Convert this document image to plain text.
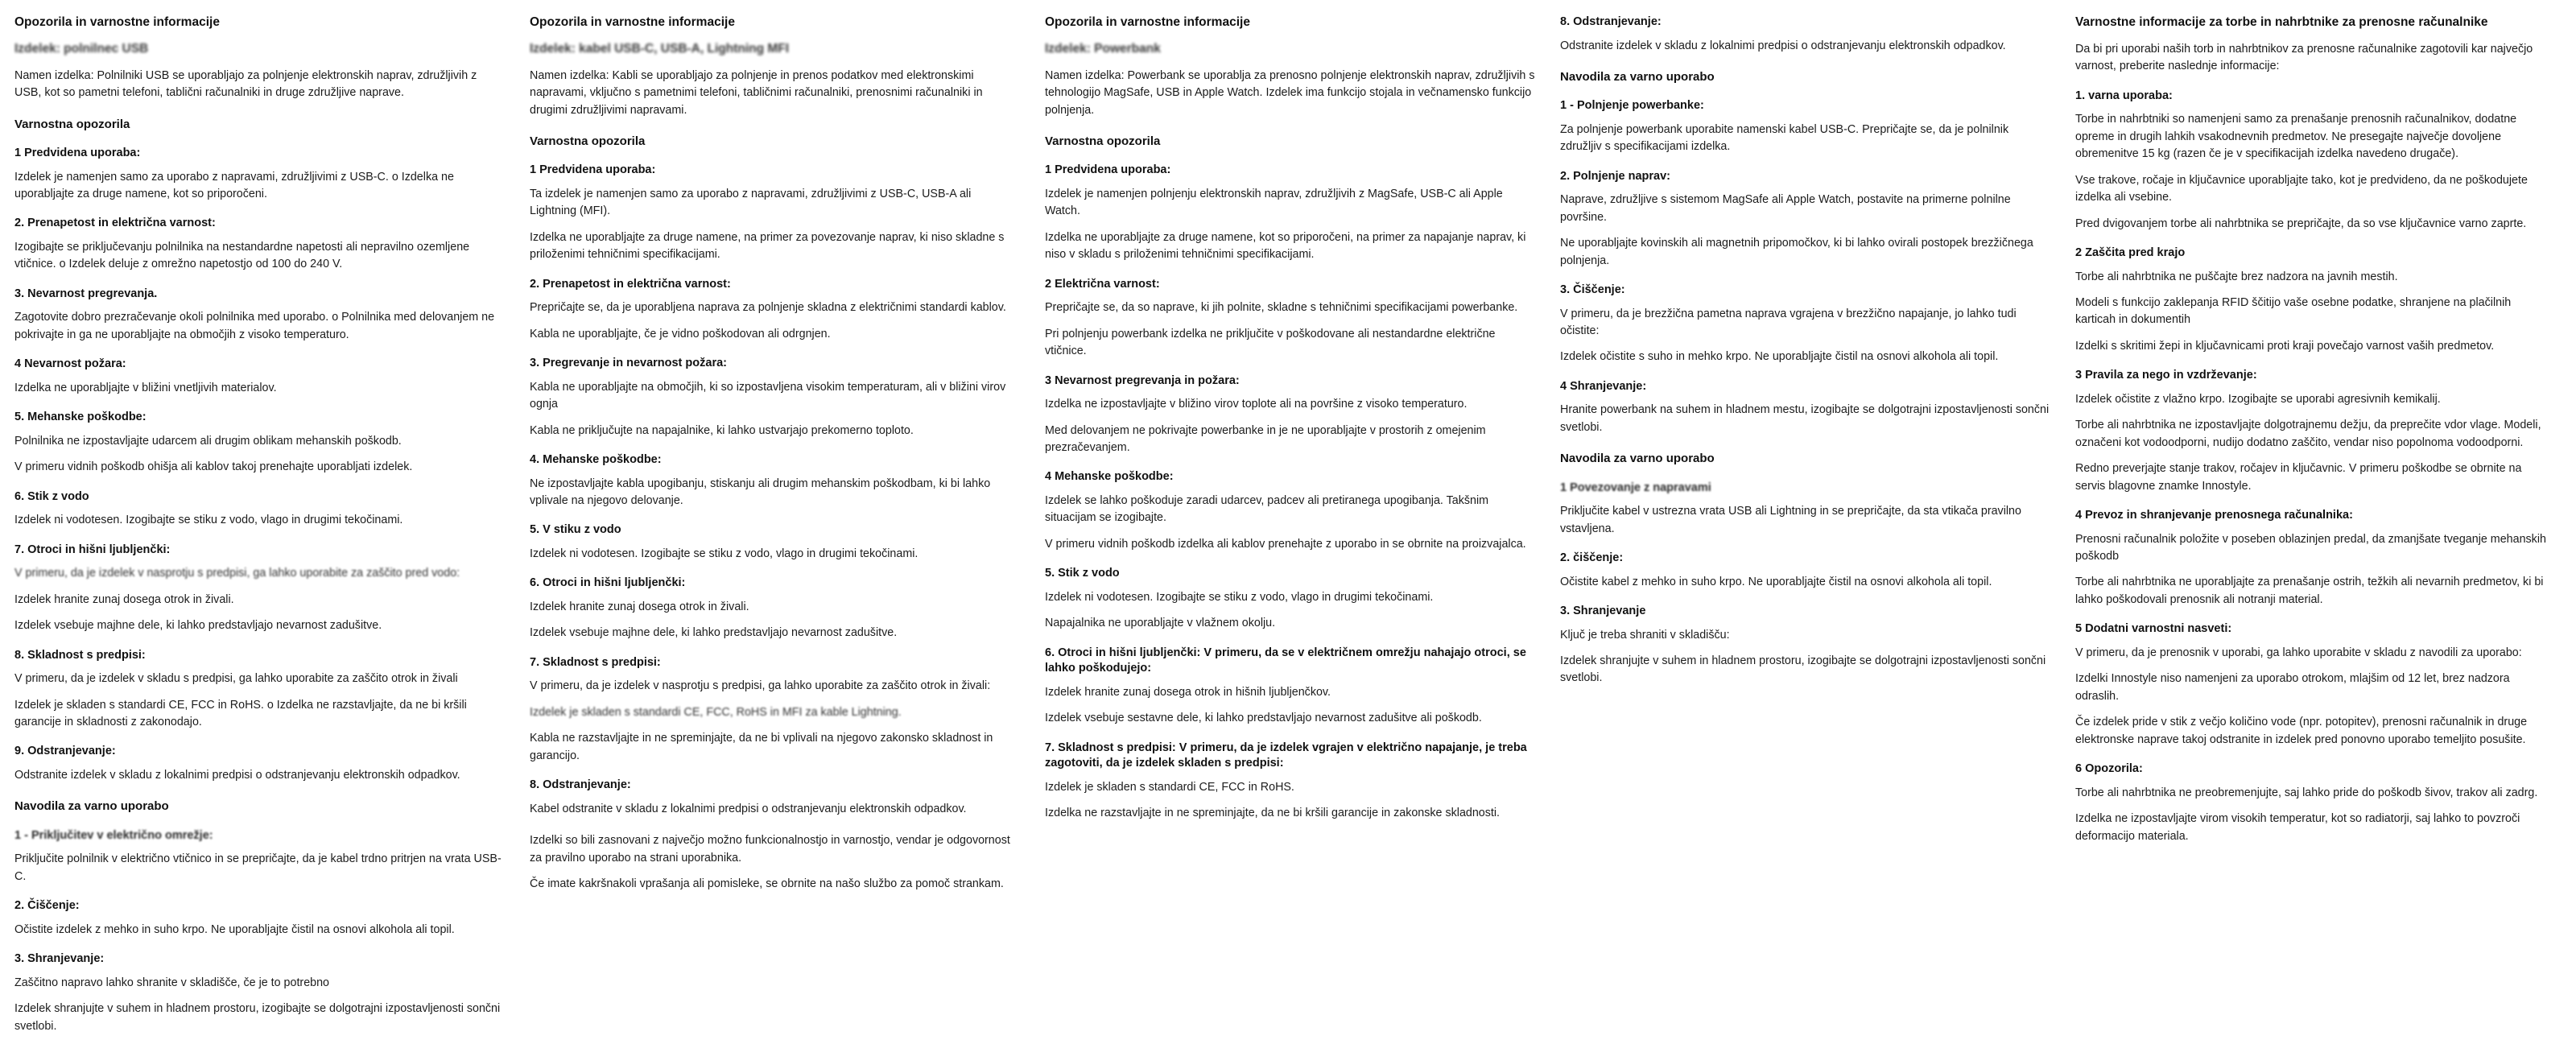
Opozorila in varnostne informacije
Izdelek: polnilnec USB

Namen izdelka: Polnilniki USB se uporabljajo za polnjenje elektronskih naprav, združljivih z USB, kot so pametni telefoni, tablični računalniki in druge združljive naprave.

Varnostna opozorila
1 Predvidena uporaba:

Izdelek je namenjen samo za uporabo z napravami, združljivimi z USB-C. o Izdelka ne uporabljajte za druge namene, kot so priporočeni.

2. Prenapetost in električna varnost:

Izogibajte se priključevanju polnilnika na nestandardne napetosti ali nepravilno ozemljene vtičnice. o Izdelek deluje z omrežno napetostjo od 100 do 240 V.

3. Nevarnost pregrevanja.

Zagotovite dobro prezračevanje okoli polnilnika med uporabo. o Polnilnika med delovanjem ne pokrivajte in ga ne uporabljajte na območjih z visoko temperaturo.

4 Nevarnost požara:

Izdelka ne uporabljajte v bližini vnetljivih materialov.

5. Mehanske poškodbe:

Polnilnika ne izpostavljajte udarcem ali drugim oblikam mehanskih poškodb.

V primeru vidnih poškodb ohišja ali kablov takoj prenehajte uporabljati izdelek.

6. Stik z vodo

Izdelek ni vodotesen. Izogibajte se stiku z vodo, vlago in drugimi tekočinami.

7. Otroci in hišni ljubljenčki:

V primeru, da je izdelek v nasprotju s predpisi, ga lahko uporabite za zaščito pred vodo:

Izdelek hranite zunaj dosega otrok in živali.

Izdelek vsebuje majhne dele, ki lahko predstavljajo nevarnost zadušitve.

8. Skladnost s predpisi:

V primeru, da je izdelek v skladu s predpisi, ga lahko uporabite za zaščito otrok in živali

Izdelek je skladen s standardi CE, FCC in RoHS. o Izdelka ne razstavljajte, da ne bi kršili garancije in skladnosti z zakonodajo.

9. Odstranjevanje:

Odstranite izdelek v skladu z lokalnimi predpisi o odstranjevanju elektronskih odpadkov.

Navodila za varno uporabo
1 - Priključitev v električno omrežje:

Priključite polnilnik v električno vtičnico in se prepričajte, da je kabel trdno pritrjen na vrata USB-C.

2. Čiščenje:

Očistite izdelek z mehko in suho krpo. Ne uporabljajte čistil na osnovi alkohola ali topil.

3. Shranjevanje:

Zaščitno napravo lahko shranite v skladišče, če je to potrebno

Izdelek shranjujte v suhem in hladnem prostoru, izogibajte se dolgotrajni izpostavljenosti sončni svetlobi.

Opozorila in varnostne informacije
Izdelek: kabel USB-C, USB-A, Lightning MFI

Namen izdelka: Kabli se uporabljajo za polnjenje in prenos podatkov med elektronskimi napravami, vključno s pametnimi telefoni, tabličnimi računalniki, prenosnimi računalniki in drugimi združljivimi napravami.

Varnostna opozorila
1 Predvidena uporaba:

Ta izdelek je namenjen samo za uporabo z napravami, združljivimi z USB-C, USB-A ali Lightning (MFI).

Izdelka ne uporabljajte za druge namene, na primer za povezovanje naprav, ki niso skladne s priloženimi tehničnimi specifikacijami.

2. Prenapetost in električna varnost:

Prepričajte se, da je uporabljena naprava za polnjenje skladna z električnimi standardi kablov.

Kabla ne uporabljajte, če je vidno poškodovan ali odrgnjen.

3. Pregrevanje in nevarnost požara:

Kabla ne uporabljajte na območjih, ki so izpostavljena visokim temperaturam, ali v bližini virov ognja

Kabla ne priključujte na napajalnike, ki lahko ustvarjajo prekomerno toploto.

4. Mehanske poškodbe:

Ne izpostavljajte kabla upogibanju, stiskanju ali drugim mehanskim poškodbam, ki bi lahko vplivale na njegovo delovanje.

5. V stiku z vodo

Izdelek ni vodotesen. Izogibajte se stiku z vodo, vlago in drugimi tekočinami.

6. Otroci in hišni ljubljenčki:

Izdelek hranite zunaj dosega otrok in živali.

Izdelek vsebuje majhne dele, ki lahko predstavljajo nevarnost zadušitve.

7. Skladnost s predpisi:

V primeru, da je izdelek v nasprotju s predpisi, ga lahko uporabite za zaščito otrok in živali:

Izdelek je skladen s standardi CE, FCC, RoHS in MFI za kable Lightning.

Kabla ne razstavljajte in ne spreminjajte, da ne bi vplivali na njegovo zakonsko skladnost in garancijo.

8. Odstranjevanje:

Kabel odstranite v skladu z lokalnimi predpisi o odstranjevanju elektronskih odpadkov.

Izdelki so bili zasnovani z največjo možno funkcionalnostjo in varnostjo, vendar je odgovornost za pravilno uporabo na strani uporabnika.

Če imate kakršnakoli vprašanja ali pomisleke, se obrnite na našo službo za pomoč strankam.

Opozorila in varnostne informacije
Izdelek: Powerbank

Namen izdelka: Powerbank se uporablja za prenosno polnjenje elektronskih naprav, združljivih s tehnologijo MagSafe, USB in Apple Watch. Izdelek ima funkcijo stojala in večnamensko funkcijo polnjenja.

Varnostna opozorila
1 Predvidena uporaba:

Izdelek je namenjen polnjenju elektronskih naprav, združljivih z MagSafe, USB-C ali Apple Watch.

Izdelka ne uporabljajte za druge namene, kot so priporočeni, na primer za napajanje naprav, ki niso v skladu s priloženimi tehničnimi specifikacijami.

2 Električna varnost:

Prepričajte se, da so naprave, ki jih polnite, skladne s tehničnimi specifikacijami powerbanke.

Pri polnjenju powerbank izdelka ne priključite v poškodovane ali nestandardne električne vtičnice.

3 Nevarnost pregrevanja in požara:

Izdelka ne izpostavljajte v bližino virov toplote ali na površine z visoko temperaturo.

Med delovanjem ne pokrivajte powerbanke in je ne uporabljajte v prostorih z omejenim prezračevanjem.

4 Mehanske poškodbe:

Izdelek se lahko poškoduje zaradi udarcev, padcev ali pretiranega upogibanja. Takšnim situacijam se izogibajte.

V primeru vidnih poškodb izdelka ali kablov prenehajte z uporabo in se obrnite na proizvajalca.

5. Stik z vodo

Izdelek ni vodotesen. Izogibajte se stiku z vodo, vlago in drugimi tekočinami.

Napajalnika ne uporabljajte v vlažnem okolju.

6. Otroci in hišni ljubljenčki: V primeru, da se v električnem omrežju nahajajo otroci, se lahko poškodujejo:

Izdelek hranite zunaj dosega otrok in hišnih ljubljenčkov.

Izdelek vsebuje sestavne dele, ki lahko predstavljajo nevarnost zadušitve ali poškodb.

7. Skladnost s predpisi: V primeru, da je izdelek vgrajen v električno napajanje, je treba zagotoviti, da je izdelek skladen s predpisi:

Izdelek je skladen s standardi CE, FCC in RoHS.

Izdelka ne razstavljajte in ne spreminjajte, da ne bi kršili garancije in zakonske skladnosti.

8. Odstranjevanje:

Odstranite izdelek v skladu z lokalnimi predpisi o odstranjevanju elektronskih odpadkov.

Navodila za varno uporabo
1 - Polnjenje powerbanke:

Za polnjenje powerbank uporabite namenski kabel USB-C. Prepričajte se, da je polnilnik združljiv s specifikacijami izdelka.

2. Polnjenje naprav:

Naprave, združljive s sistemom MagSafe ali Apple Watch, postavite na primerne polnilne površine.

Ne uporabljajte kovinskih ali magnetnih pripomočkov, ki bi lahko ovirali postopek brezžičnega polnjenja.

3. Čiščenje:

V primeru, da je brezžična pametna naprava vgrajena v brezžično napajanje, jo lahko tudi očistite:

Izdelek očistite s suho in mehko krpo. Ne uporabljajte čistil na osnovi alkohola ali topil.

4 Shranjevanje:

Hranite powerbank na suhem in hladnem mestu, izogibajte se dolgotrajni izpostavljenosti sončni svetlobi.

Navodila za varno uporabo
1 Povezovanje z napravami

Priključite kabel v ustrezna vrata USB ali Lightning in se prepričajte, da sta vtikača pravilno vstavljena.

2. čiščenje:

Očistite kabel z mehko in suho krpo. Ne uporabljajte čistil na osnovi alkohola ali topil.

3. Shranjevanje

Ključ je treba shraniti v skladišču:

Izdelek shranjujte v suhem in hladnem prostoru, izogibajte se dolgotrajni izpostavljenosti sončni svetlobi.

Varnostne informacije za torbe in nahrbtnike za prenosne računalnike

Da bi pri uporabi naših torb in nahrbtnikov za prenosne računalnike zagotovili kar največjo varnost, preberite naslednje informacije:

1. varna uporaba:

Torbe in nahrbtniki so namenjeni samo za prenašanje prenosnih računalnikov, dodatne opreme in drugih lahkih vsakodnevnih predmetov. Ne presegajte največje dovoljene obremenitve 15 kg (razen če je v specifikacijah izdelka navedeno drugače).

Vse trakove, ročaje in ključavnice uporabljajte tako, kot je predvideno, da ne poškodujete izdelka ali vsebine.

Pred dvigovanjem torbe ali nahrbtnika se prepričajte, da so vse ključavnice varno zaprte.

2 Zaščita pred krajo

Torbe ali nahrbtnika ne puščajte brez nadzora na javnih mestih.

Modeli s funkcijo zaklepanja RFID ščitijo vaše osebne podatke, shranjene na plačilnih karticah in dokumentih

Izdelki s skritimi žepi in ključavnicami proti kraji povečajo varnost vaših predmetov.

3 Pravila za nego in vzdrževanje:

Izdelek očistite z vlažno krpo. Izogibajte se uporabi agresivnih kemikalij.

Torbe ali nahrbtnika ne izpostavljajte dolgotrajnemu dežju, da preprečite vdor vlage. Modeli, označeni kot vodoodporni, nudijo dodatno zaščito, vendar niso popolnoma vodoodporni.

Redno preverjajte stanje trakov, ročajev in ključavnic. V primeru poškodbe se obrnite na servis blagovne znamke Innostyle.

4 Prevoz in shranjevanje prenosnega računalnika:

Prenosni računalnik položite v poseben oblazinjen predal, da zmanjšate tveganje mehanskih poškodb

Torbe ali nahrbtnika ne uporabljajte za prenašanje ostrih, težkih ali nevarnih predmetov, ki bi lahko poškodovali prenosnik ali notranji material.

5 Dodatni varnostni nasveti:

V primeru, da je prenosnik v uporabi, ga lahko uporabite v skladu z navodili za uporabo:

Izdelki Innostyle niso namenjeni za uporabo otrokom, mlajšim od 12 let, brez nadzora odraslih.

Če izdelek pride v stik z večjo količino vode (npr. potopitev), prenosni računalnik in druge elektronske naprave takoj odstranite in izdelek pred ponovno uporabo temeljito posušite.

6 Opozorila:

Torbe ali nahrbtnika ne preobremenjujte, saj lahko pride do poškodb šivov, trakov ali zadrg.

Izdelka ne izpostavljajte virom visokih temperatur, kot so radiatorji, saj lahko to povzroči deformacijo materiala.
